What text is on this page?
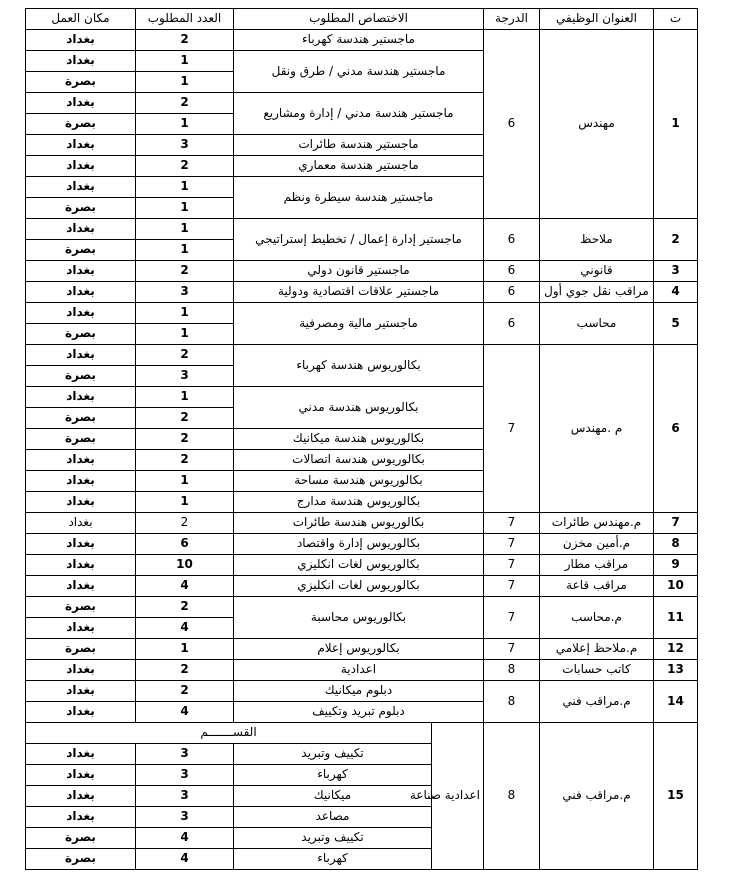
ت	العنوان الوظيفي	الدرجة	الاختصاص المطلوب		العدد المطلوب	مكان العمل
1	مهندس	6	ماجستير هندسة كهرباء		2	بغداد
			ماجستير هندسة مدني / طرق ونقل		1	بغداد
					1	بصرة
			ماجستير هندسة مدني / إدارة ومشاريع		2	بغداد
					1	بصرة
			ماجستير هندسة طائرات		3	بغداد
			ماجستير هندسة معماري		2	بغداد
			ماجستير هندسة سيطرة ونظم		1	بغداد
					1	بصرة
2	ملاحظ	6	ماجستير إدارة إعمال / تخطيط إستراتيجي		1	بغداد
					1	بصرة
3	قانوني	6	ماجستير قانون دولي		2	بغداد
4	مراقب نقل جوي أول	6	ماجستير علاقات اقتصادية ودولية		3	بغداد
5	محاسب	6	ماجستير مالية ومصرفية		1	بغداد
					1	بصرة
6	م .مهندس	7	بكالوريوس هندسة كهرباء		2	بغداد
					3	بصرة
			بكالوريوس هندسة مدني		1	بغداد
					2	بصرة
			بكالوريوس هندسة ميكانيك		2	بصرة
			بكالوريوس هندسة اتصالات		2	بغداد
			بكالوريوس هندسة مساحة		1	بغداد
			بكالوريوس هندسة مدارج		1	بغداد
7	م.مهندس طائرات	7	بكالوريوس هندسة طائرات		2	بغداد
8	م.أمين مخزن	7	بكالوريوس إدارة واقتصاد		6	بغداد
9	مراقب مطار	7	بكالوريوس لغات انكليزي		10	بغداد
10	مراقب قاعة	7	بكالوريوس لغات انكليزي		4	بغداد
11	م.محاسب	7	بكالوريوس محاسبة		2	بصرة
					4	بغداد
12	م.ملاحظ إعلامي	7	بكالوريوس إعلام		1	بصرة
13	كاتب حسابات	8	اعدادية		2	بغداد
14	م.مراقب فني	8	دبلوم ميكانيك		2	بغداد
			دبلوم تبريد وتكييف		4	بغداد
15	م.مراقب فني	8	اعدادية صناعة	القســـــــم		
				تكييف وتبريد	3	بغداد
				كهرباء	3	بغداد
				ميكانيك	3	بغداد
				مصاعد	3	بغداد
				تكييف وتبريد	4	بصرة
				كهرباء	4	بصرة
